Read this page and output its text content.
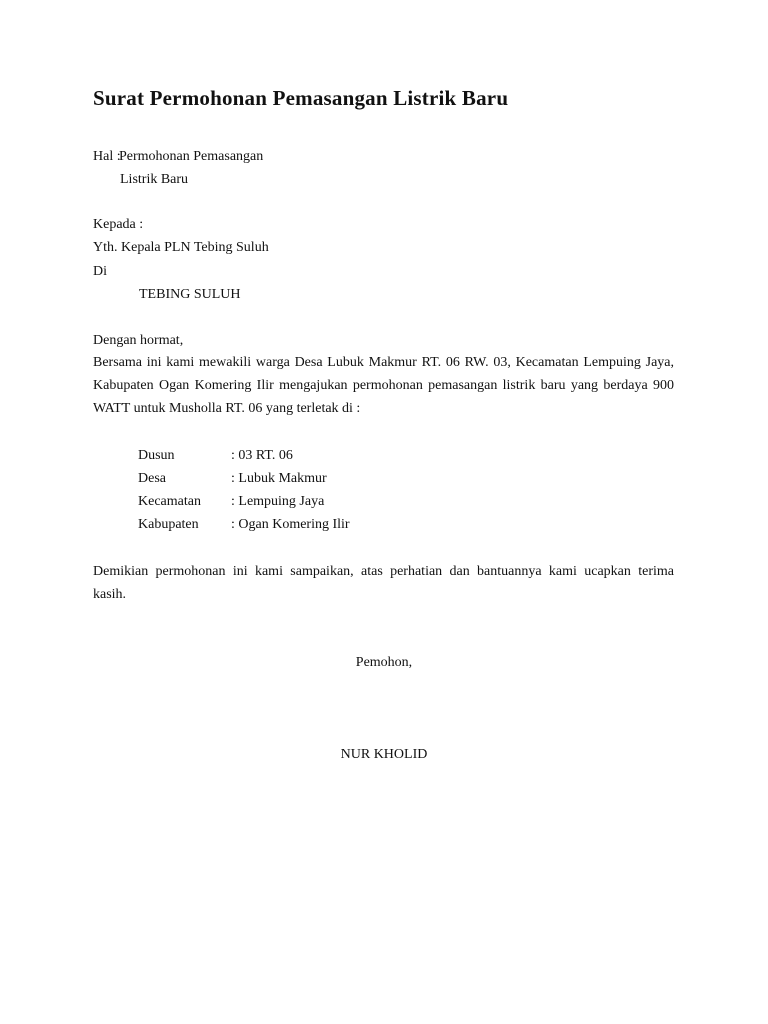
Surat Permohonan Pemasangan Listrik Baru
Hal :
Permohonan Pemasangan
Listrik Baru
Kepada :
Yth. Kepala PLN Tebing Suluh
Di
TEBING SULUH
Dengan hormat,
Bersama ini kami mewakili warga Desa Lubuk Makmur RT. 06 RW. 03, Kecamatan Lempuing Jaya,
Kabupaten Ogan Komering Ilir mengajukan permohonan pemasangan listrik baru yang berdaya 900
WATT untuk Musholla RT. 06 yang terletak di :
Dusun	: 03 RT. 06
Desa	: Lubuk Makmur
Kecamatan : Lempuing Jaya
Kabupaten : Ogan Komering Ilir
Demikian permohonan ini kami sampaikan, atas perhatian dan bantuannya kami ucapkan terima
kasih.
Pemohon,
NUR KHOLID
